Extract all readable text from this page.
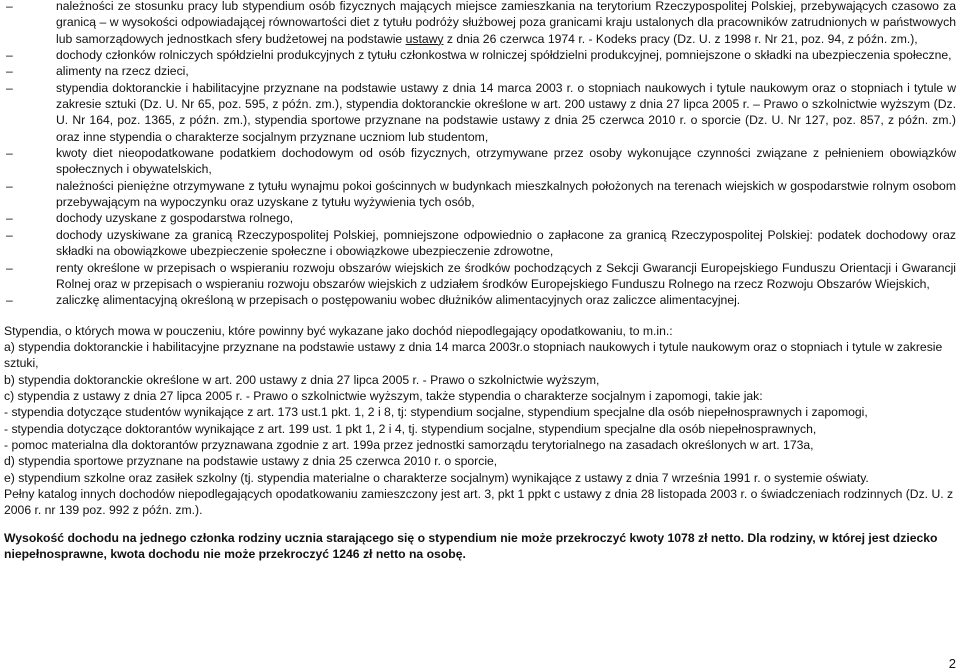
–	należności ze stosunku pracy lub stypendium osób fizycznych mających miejsce zamieszkania na terytorium Rzeczypospolitej Polskiej, przebywających czasowo za granicą – w wysokości odpowiadającej równowartości diet z tytułu podróży służbowej poza granicami kraju ustalonych dla pracowników zatrudnionych w państwowych lub samorządowych jednostkach sfery budżetowej na podstawie ustawy z dnia 26 czerwca 1974 r. - Kodeks pracy (Dz. U. z 1998 r. Nr 21, poz. 94, z późn. zm.),
–	dochody członków rolniczych spółdzielni produkcyjnych z tytułu członkostwa w rolniczej spółdzielni produkcyjnej, pomniejszone o składki na ubezpieczenia społeczne,
–	alimenty na rzecz dzieci,
–	stypendia doktoranckie i habilitacyjne przyznane na podstawie ustawy z dnia 14 marca 2003 r. o stopniach naukowych i tytule naukowym oraz o stopniach i tytule w zakresie sztuki (Dz. U. Nr 65, poz. 595, z późn. zm.), stypendia doktoranckie określone w art. 200 ustawy z dnia 27 lipca 2005 r. – Prawo o szkolnictwie wyższym (Dz. U. Nr 164, poz. 1365, z późn. zm.), stypendia sportowe przyznane na podstawie ustawy z dnia 25 czerwca 2010 r. o sporcie (Dz. U. Nr 127, poz. 857, z późn. zm.) oraz inne stypendia o charakterze socjalnym przyznane uczniom lub studentom,
–	kwoty diet nieopodatkowane podatkiem dochodowym od osób fizycznych, otrzymywane przez osoby wykonujące czynności związane z pełnieniem obowiązków społecznych i obywatelskich,
–	należności pieniężne otrzymywane z tytułu wynajmu pokoi gościnnych w budynkach mieszkalnych położonych na terenach wiejskich w gospodarstwie rolnym osobom przebywającym na wypoczynku oraz uzyskane z tytułu wyżywienia tych osób,
–	dochody uzyskane z gospodarstwa rolnego,
–	dochody uzyskiwane za granicą Rzeczypospolitej Polskiej, pomniejszone odpowiednio o zapłacone za granicą Rzeczypospolitej Polskiej: podatek dochodowy oraz składki na obowiązkowe ubezpieczenie społeczne i obowiązkowe ubezpieczenie zdrowotne,
–	renty określone w przepisach o wspieraniu rozwoju obszarów wiejskich ze środków pochodzących z Sekcji Gwarancji Europejskiego Funduszu Orientacji i Gwarancji Rolnej oraz w przepisach o wspieraniu rozwoju obszarów wiejskich z udziałem środków Europejskiego Funduszu Rolnego na rzecz Rozwoju Obszarów Wiejskich,
–	zaliczkę alimentacyjną określoną w przepisach o postępowaniu wobec dłużników alimentacyjnych oraz zaliczce alimentacyjnej.

Stypendia, o których mowa w pouczeniu, które powinny być wykazane jako dochód niepodlegający opodatkowaniu, to m.in.:

a) stypendia doktoranckie i habilitacyjne przyznane na podstawie ustawy z dnia 14 marca 2003r.o stopniach naukowych i tytule naukowym oraz o stopniach i tytule w zakresie sztuki,

b) stypendia doktoranckie określone w art. 200 ustawy z dnia 27 lipca 2005 r. - Prawo o szkolnictwie wyższym,

c) stypendia z ustawy z dnia 27 lipca 2005 r. - Prawo o szkolnictwie wyższym, także stypendia o charakterze socjalnym i zapomogi, takie jak:

- stypendia dotyczące studentów wynikające z art. 173 ust.1 pkt. 1, 2 i 8, tj: stypendium socjalne, stypendium specjalne dla osób niepełnosprawnych i zapomogi,

- stypendia dotyczące doktorantów wynikające z art. 199 ust. 1 pkt 1, 2 i 4, tj. stypendium socjalne, stypendium specjalne dla osób niepełnosprawnych,

- pomoc materialna dla doktorantów przyznawana zgodnie z art. 199a przez jednostki samorządu terytorialnego na zasadach określonych w art. 173a,

d) stypendia sportowe przyznane na podstawie ustawy z dnia 25 czerwca 2010 r. o sporcie,

e) stypendium szkolne oraz zasiłek szkolny (tj. stypendia materialne o charakterze socjalnym) wynikające z ustawy z dnia 7 września 1991 r. o systemie oświaty.

Pełny katalog innych dochodów niepodlegających opodatkowaniu zamieszczony jest art. 3, pkt 1 ppkt c ustawy z dnia 28 listopada 2003 r. o świadczeniach rodzinnych (Dz. U. z 2006 r. nr 139 poz. 992 z późn. zm.).

Wysokość dochodu na jednego członka rodziny uczniа starającego się o stypendium nie może przekroczyć kwoty 1078 zł netto. Dla rodziny, w której jest dziecko niepełnosprawne, kwota dochodu nie może przekroczyć 1246 zł netto na osobę.

2
